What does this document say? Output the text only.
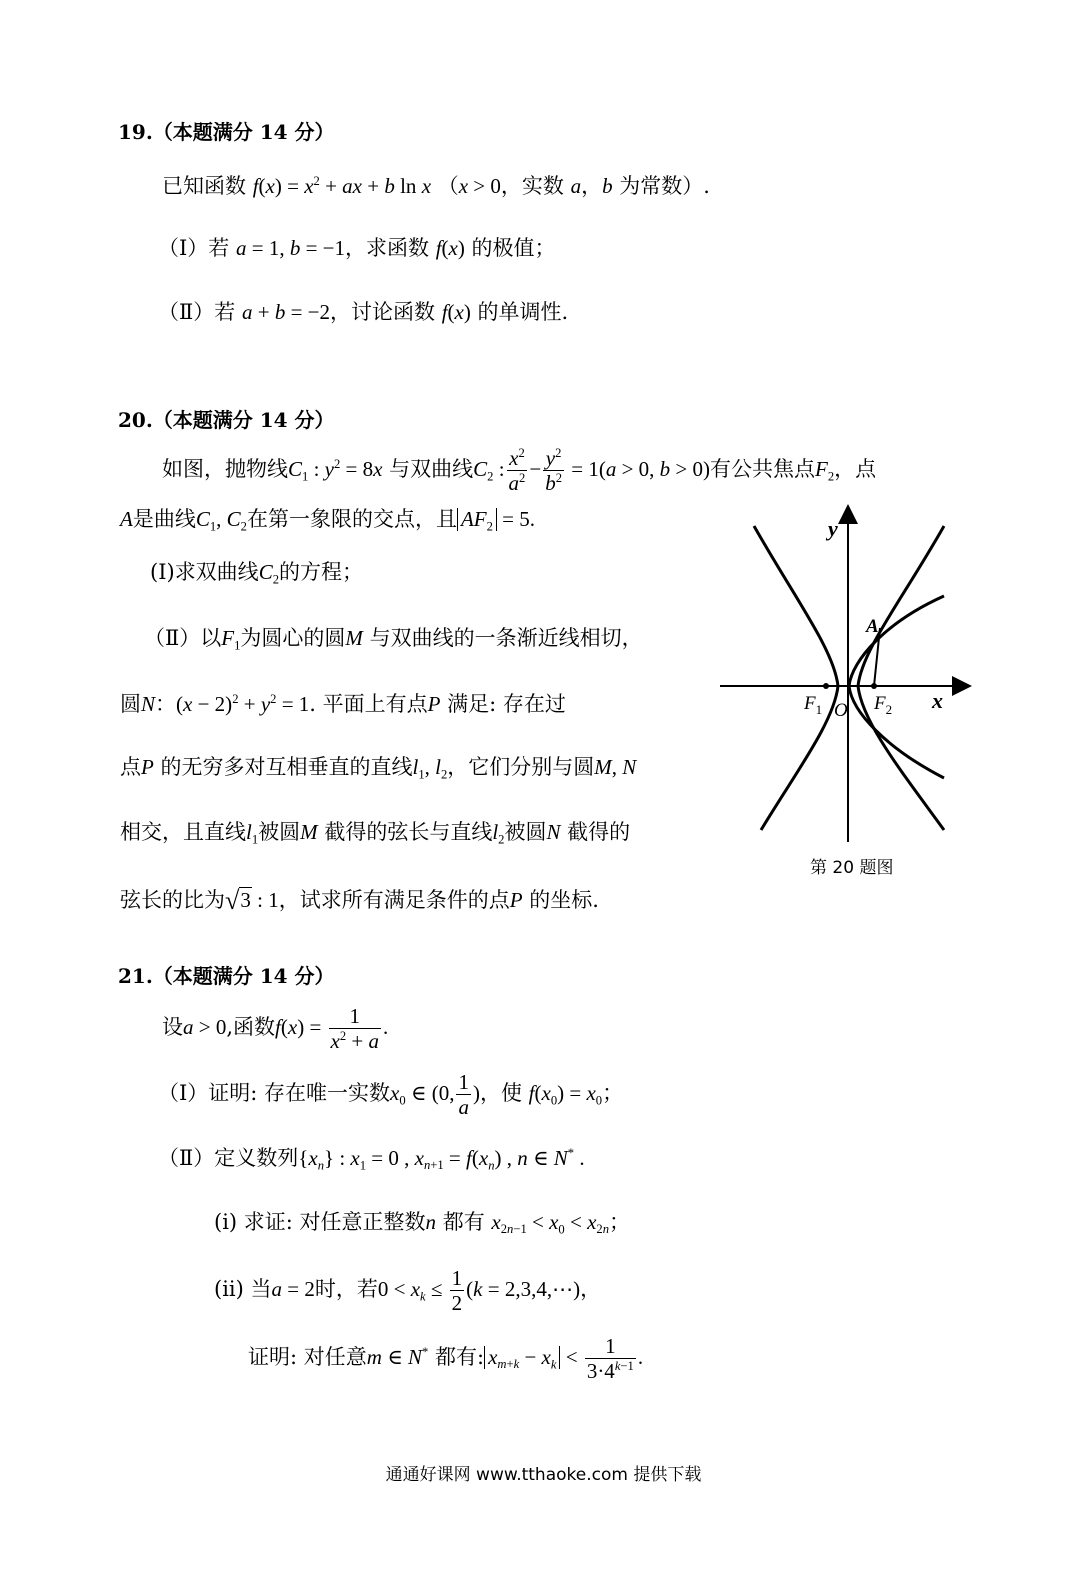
19.（本题满分 14 分）
已知函数 $f(x) = x^2$ + ax + b ln x （x > 0，实数 a，b 为常数）.
（Ⅰ）若 a = 1, b = −1，求函数 f(x) 的极值；
（Ⅱ）若 a + b = −2，讨论函数 f(x) 的单调性.
20.（本题满分 14 分）
如图，抛物线$C_1$ : $y^2 = 8x$ 与双曲线$C_2$ : $\frac{x^2}{a^2} - \frac{y^2}{b^2} = 1(a > 0$, b > 0)有公共焦点$F_2$，点
A是曲线$C_1$, $C_2$在第一象限的交点，且 $AF_2 = 5$.
(Ⅰ)求双曲线$C_2$的方程；
（Ⅱ）以$F_1$为圆心的圆M 与双曲线的一条渐近线相切，
圆N：$(x - 2)^2 + y^2 = 1$. 平面上有点P 满足: 存在过
点P 的无穷多对互相垂直的直线$l_1$, $l_2$，它们分别与圆M, N
相交，且直线$l_1$被圆M 截得的弦长与直线$l_2$被圆N 截得的
弦长的比为√3 : 1，试求所有满足条件的点P 的坐标.
y
x
A
$F_1$ O $F_2$
第 20 题图
21.（本题满分 14 分）
设a > 0,函数$f(x) = \frac{1}{x^2 + a}$ .
（Ⅰ）证明: 存在唯一实数$x_0$ ∈ (0, $\frac{1}{a}$ )，使 $f(x_0) = x_0$；
（Ⅱ）定义数列$\{x_n\}$ : $x_1 = 0$ , $x_{n+1} = f(x_n)$ , n ∈ N* .
(i) 求证: 对任意正整数n 都有 $x_{2n-1} < x_0 < x_{2n}$；
(ii) 当a = 2时，若$0 < x_k \le \frac{1}{2} (k$ = 2,3,4,⋯)，
证明: 对任意m ∈ N* 都有: $x_{m+k} - x_k < \frac{1}{3\cdot 4^{k-1}}$ .
通通好课网 www.tthaoke.com 提供下载
